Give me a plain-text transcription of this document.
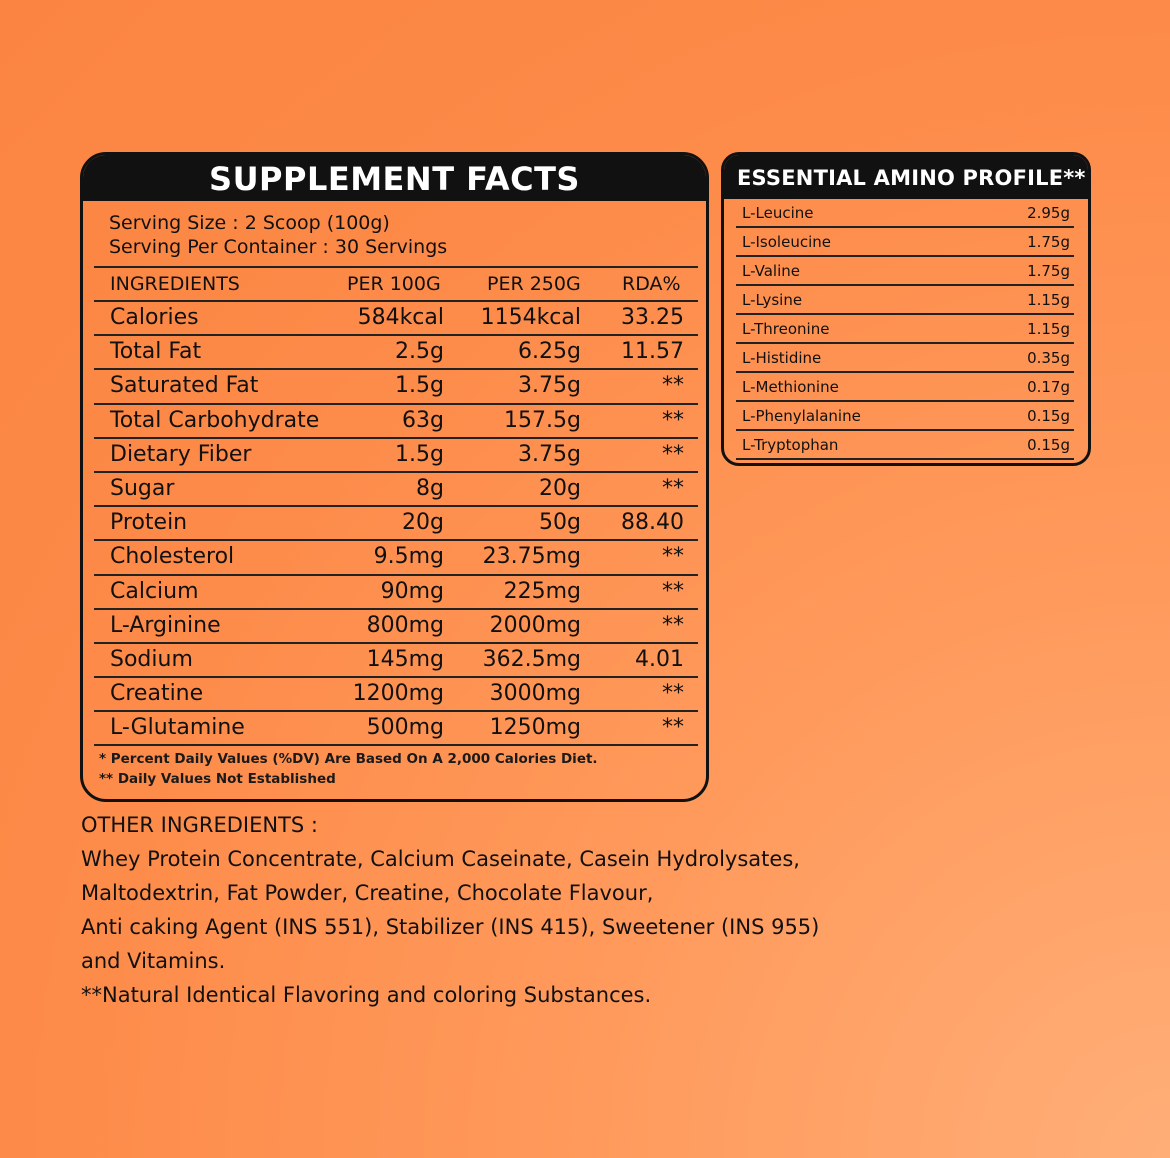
SUPPLEMENT FACTS
Serving Size : 2 Scoop (100g)
Serving Per Container : 30 Servings
INGREDIENTS	PER 100G PER 250G RDA%
Calories	584kcal 1154kcal 33.25
Total Fat	2.5g	6.25g 11.57
Saturated Fat	1.5g	3.75g	**
Total Carbohydrate	63g	157.5g	**
Dietary Fiber	1.5g	3.75g	**
Sugar	8g	20g	**
Protein	20g	50g 88.40
Cholesterol	9.5mg 23.75mg	**
Calcium	90mg	225mg	**
L-Arginine	800mg 2000mg	**
Sodium	145mg 362.5mg 4.01
Creatine	1200mg 3000mg	**
L-Glutamine	500mg 1250mg	**
* Percent Daily Values (%DV) Are Based On A 2,000 Calories Diet.
** Daily Values Not Established
ESSENTIAL AMINO PROFILE**
L-Leucine	2.95g
L-Isoleucine	1.75g
L-Valine	1.75g
L-Lysine	1.15g
L-Threonine	1.15g
L-Histidine	0.35g
L-Methionine	0.17g
L-Phenylalanine	0.15g
L-Tryptophan	0.15g
OTHER INGREDIENTS :
Whey Protein Concentrate, Calcium Caseinate, Casein Hydrolysates,
Maltodextrin, Fat Powder, Creatine, Chocolate Flavour,
Anti caking Agent (INS 551), Stabilizer (INS 415), Sweetener (INS 955)
and Vitamins.
**Natural Identical Flavoring and coloring Substances.
